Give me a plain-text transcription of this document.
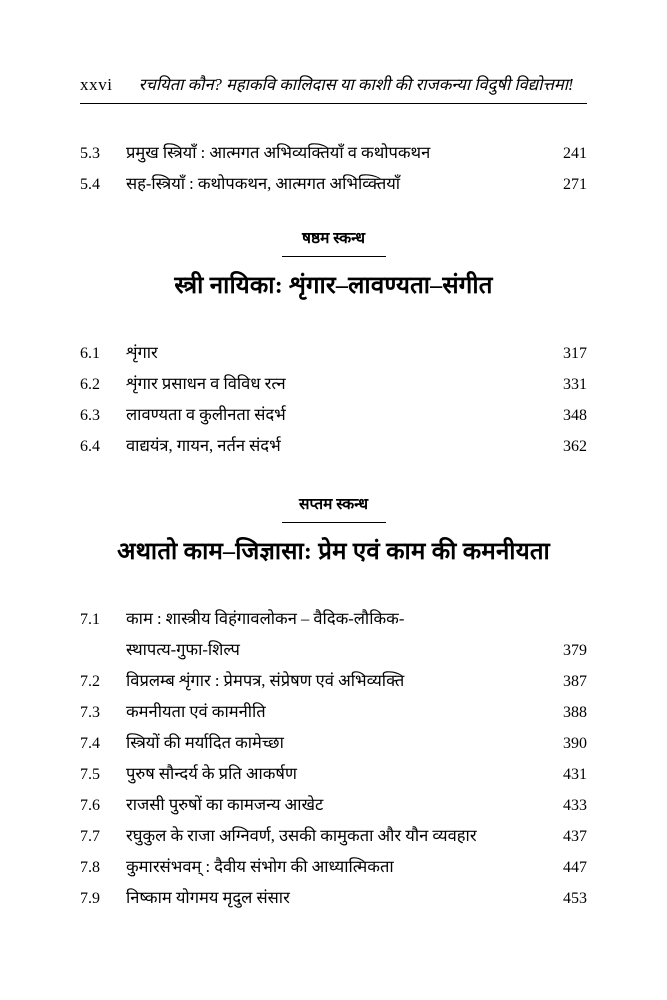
xxvi रचयिता कौन? महाकवि कालिदास या काशी की राजकन्या विदुषी विद्योत्तमा!
5.3	प्रमुख स्त्रियाँ : आत्मगत अभिव्यक्तियाँ व कथोपकथन	241
5.4	सह-स्त्रियाँ : कथोपकथन, आत्मगत अभिव्क्तियाँ	271
षष्ठम स्कन्ध
स्त्री नायिका: शृंगार–लावण्यता–संगीत
6.1	शृंगार	317
6.2	शृंगार प्रसाधन व विविध रत्न	331
6.3	लावण्यता व कुलीनता संदर्भ	348
6.4	वाद्ययंत्र, गायन, नर्तन संदर्भ	362
सप्तम स्कन्ध
अथातो काम–जिज्ञासा: प्रेम एवं काम की कमनीयता
7.1	काम : शास्त्रीय विहंगावलोकन – वैदिक-लौकिक-
स्थापत्य-गुफा-शिल्प	379
7.2	विप्रलम्ब शृंगार : प्रेमपत्र, संप्रेषण एवं अभिव्यक्ति	387
7.3	कमनीयता एवं कामनीति	388
7.4	स्त्रियों की मर्यादित कामेच्छा	390
7.5	पुरुष सौन्दर्य के प्रति आकर्षण	431
7.6	राजसी पुरुषों का कामजन्य आखेट	433
7.7	रघुकुल के राजा अग्निवर्ण, उसकी कामुकता और यौन व्यवहार	437
7.8	कुमारसंभवम् : दैवीय संभोग की आध्यात्मिकता	447
7.9	निष्काम योगमय मृदुल संसार	453
